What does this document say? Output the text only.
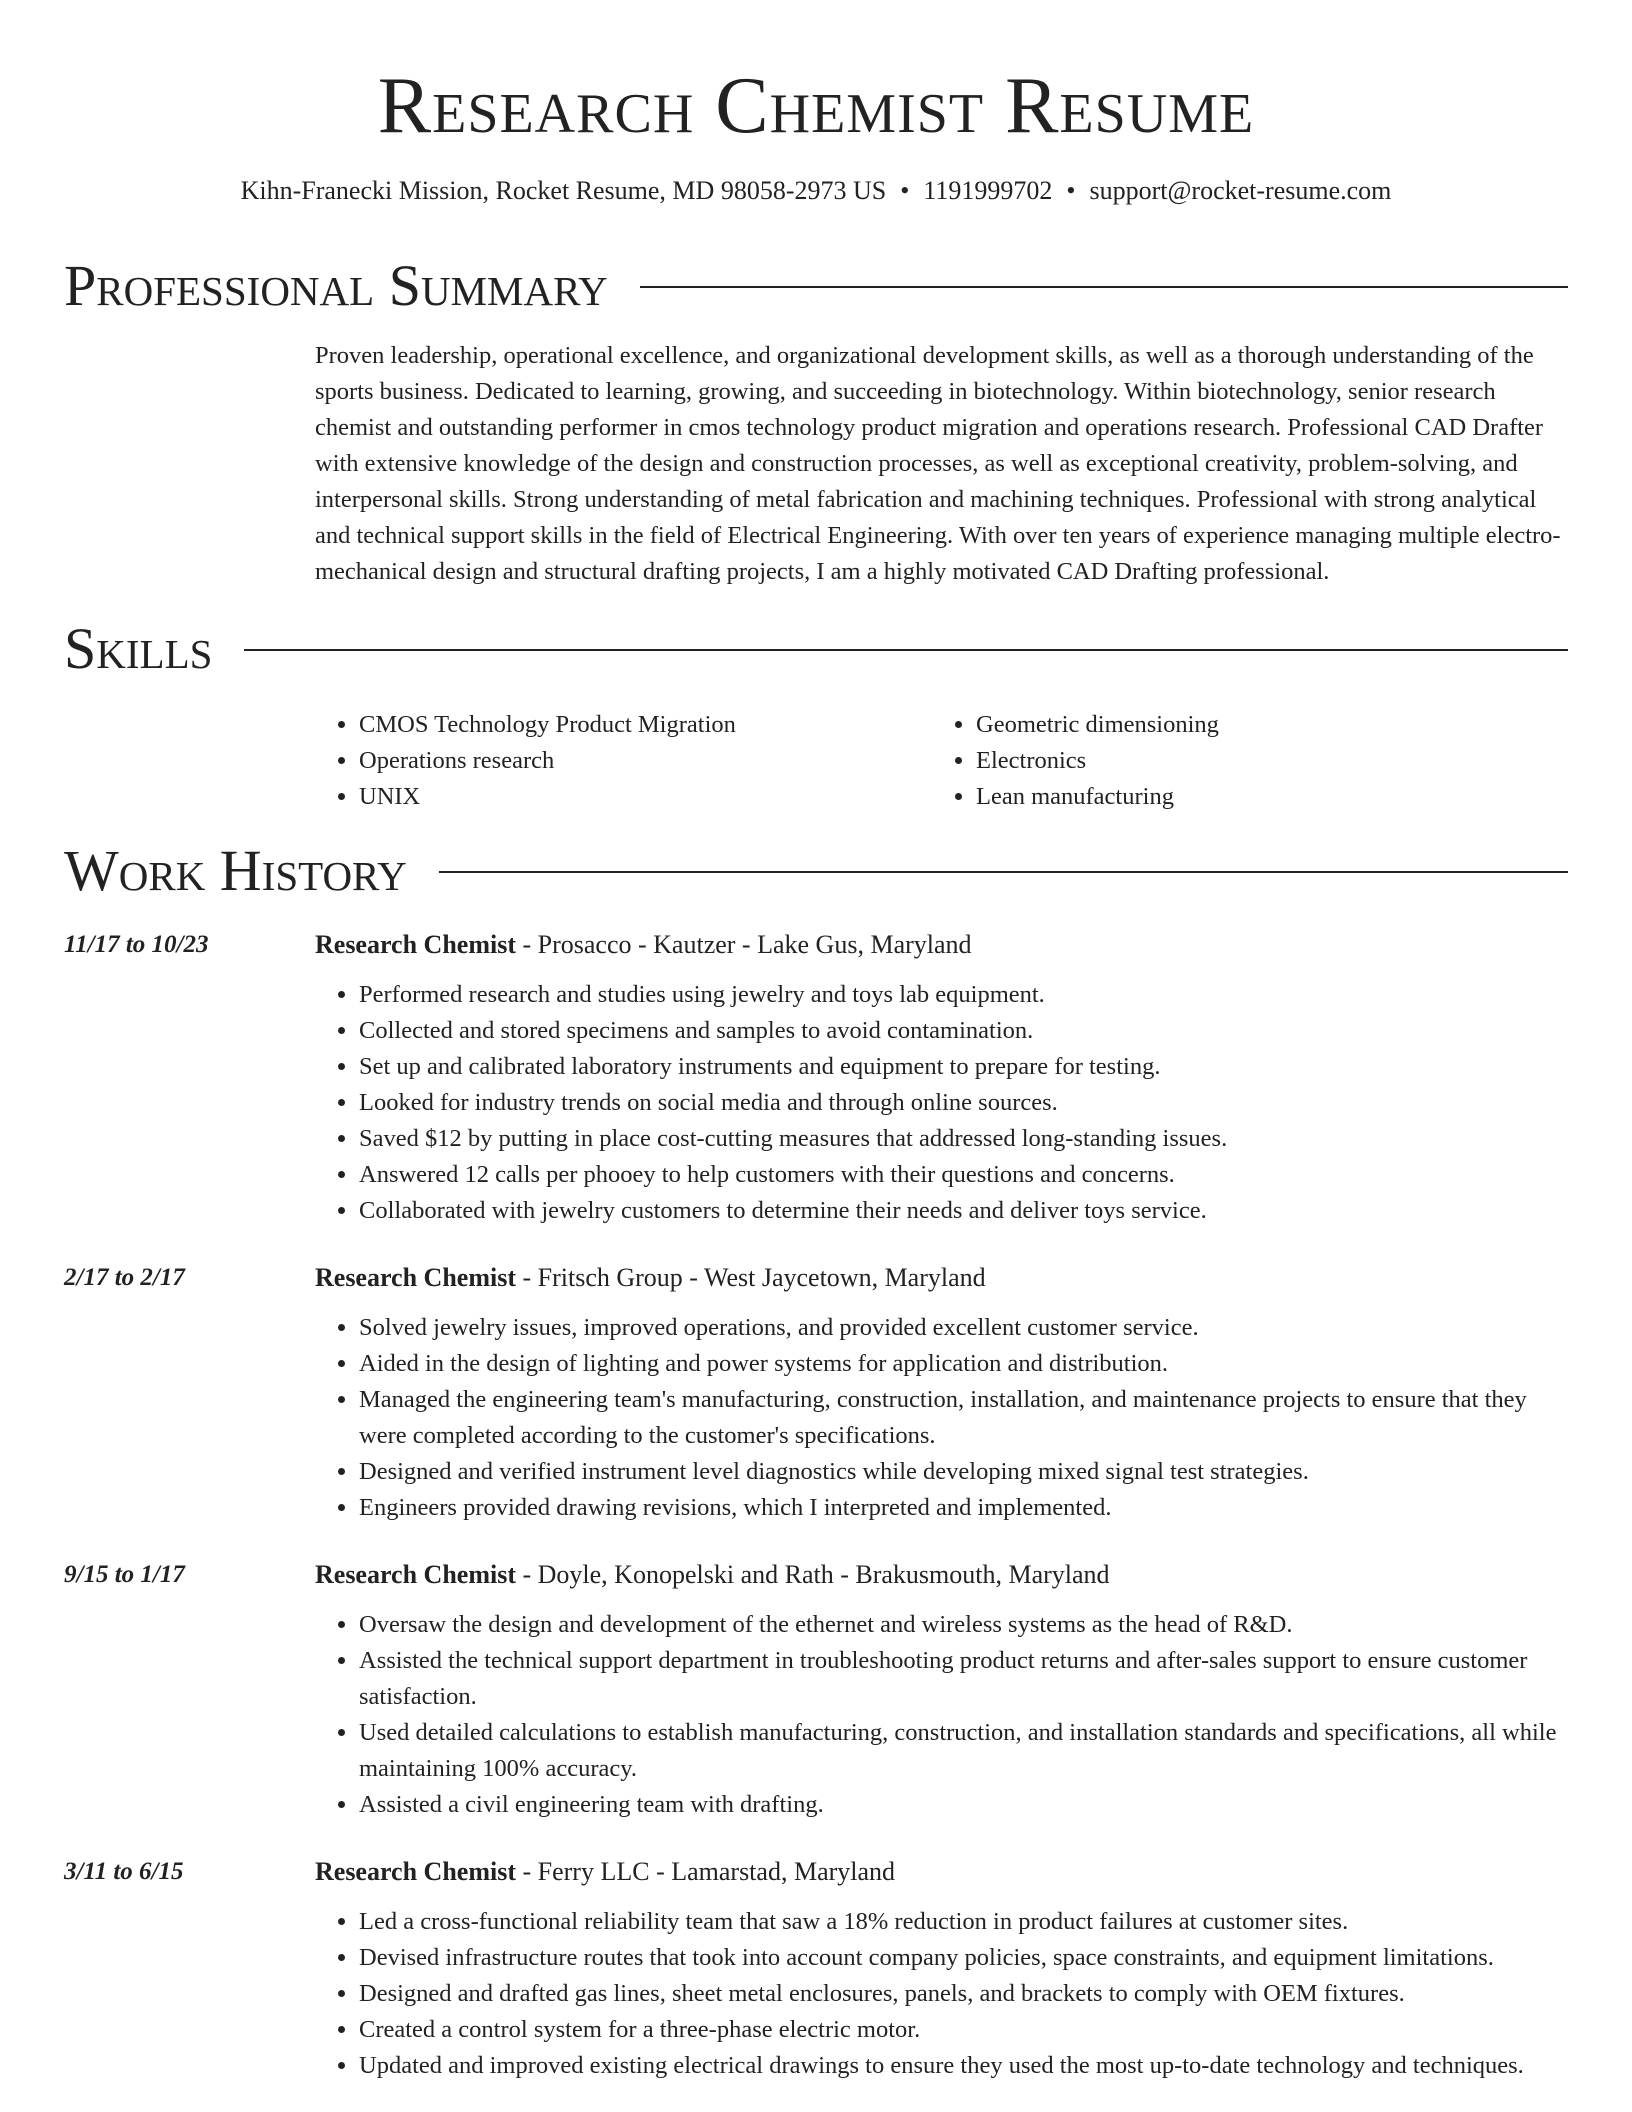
Research Chemist Resume
Kihn-Franecki Mission, Rocket Resume, MD 98058-2973 US • 1191999702 • support@rocket-resume.com
Professional Summary

Proven leadership, operational excellence, and organizational development skills, as well as a thorough understanding of the sports business. Dedicated to learning, growing, and succeeding in biotechnology. Within biotechnology, senior research chemist and outstanding performer in cmos technology product migration and operations research. Professional CAD Drafter with extensive knowledge of the design and construction processes, as well as exceptional creativity, problem-solving, and interpersonal skills. Strong understanding of metal fabrication and machining techniques. Professional with strong analytical and technical support skills in the field of Electrical Engineering. With over ten years of experience managing multiple electro-mechanical design and structural drafting projects, I am a highly motivated CAD Drafting professional.

Skills
• CMOS Technology Product Migration
• Operations research
• UNIX
• Geometric dimensioning
• Electronics
• Lean manufacturing
Work History
11/17 to 10/23	Research Chemist - Prosacco - Kautzer - Lake Gus, Maryland
• Performed research and studies using jewelry and toys lab equipment.
• Collected and stored specimens and samples to avoid contamination.
• Set up and calibrated laboratory instruments and equipment to prepare for testing.
• Looked for industry trends on social media and through online sources.
• Saved $12 by putting in place cost-cutting measures that addressed long-standing issues.
• Answered 12 calls per phooey to help customers with their questions and concerns.
• Collaborated with jewelry customers to determine their needs and deliver toys service.
2/17 to 2/17	Research Chemist - Fritsch Group - West Jaycetown, Maryland
• Solved jewelry issues, improved operations, and provided excellent customer service.
• Aided in the design of lighting and power systems for application and distribution.
• Managed the engineering team's manufacturing, construction, installation, and maintenance projects to ensure that they were completed according to the customer's specifications.
• Designed and verified instrument level diagnostics while developing mixed signal test strategies.
• Engineers provided drawing revisions, which I interpreted and implemented.
9/15 to 1/17	Research Chemist - Doyle, Konopelski and Rath - Brakusmouth, Maryland
• Oversaw the design and development of the ethernet and wireless systems as the head of R&D.
• Assisted the technical support department in troubleshooting product returns and after-sales support to ensure customer satisfaction.
• Used detailed calculations to establish manufacturing, construction, and installation standards and specifications, all while maintaining 100% accuracy.
• Assisted a civil engineering team with drafting.
3/11 to 6/15	Research Chemist - Ferry LLC - Lamarstad, Maryland
• Led a cross-functional reliability team that saw a 18% reduction in product failures at customer sites.
• Devised infrastructure routes that took into account company policies, space constraints, and equipment limitations.
• Designed and drafted gas lines, sheet metal enclosures, panels, and brackets to comply with OEM fixtures.
• Created a control system for a three-phase electric motor.
• Updated and improved existing electrical drawings to ensure they used the most up-to-date technology and techniques.
